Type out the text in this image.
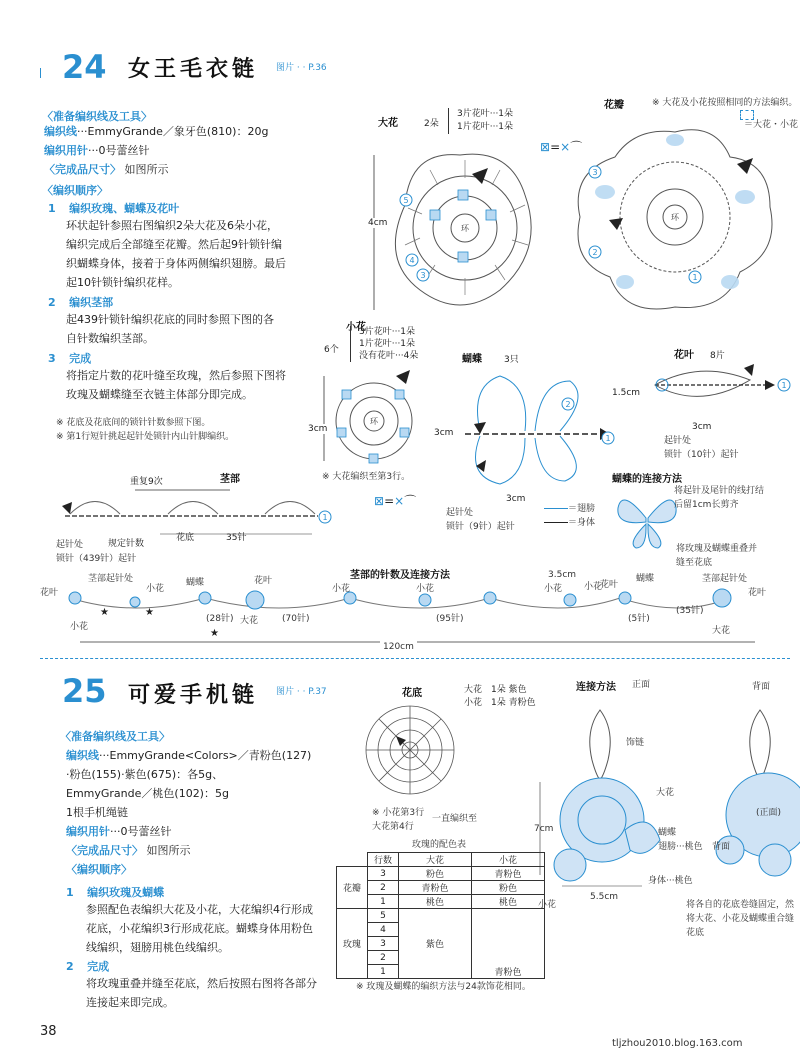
24 女王毛衣链 图片 · · P.36
〈准备编织线及工具〉
编织线···EmmyGrande／象牙色(810)：20g
编织用针···0号蕾丝针
〈完成品尺寸〉 如图所示
〈编织顺序〉
1 编织玫瑰、蝴蝶及花叶
环状起针参照右图编织2朵大花及6朵小花，
编织完成后全部缝至花瓣。然后起9针锁针编
织蝴蝶身体，接着于身体两侧编织翅膀。最后
起10针锁针编织花样。
2 编织茎部
起439针锁针编织花底的同时参照下图的各
自针数编织茎部。
3 完成
将指定片数的花叶缝至玫瑰，然后参照下图将
玫瑰及蝴蝶缝至衣链主体部分即完成。
※ 花底及花底间的锁针针数参照下图。
※ 第1行短针挑起起针处锁针内山针脚编织。
大花	2朵
3片花叶···1朵
1片花叶···1朵
5
4
3
环
4cm
⊠=×⌒
花瓣	※ 大花及小花按照相同的方法编织。
＝大花・小花
3
2
1
环
小花
6个
3片花叶···1朵
1片花叶···1朵
没有花叶···4朵
环
3cm
※ 大花编织至第3行。
⊠=×⌒
蝴蝶 3只
2
1
3cm
3cm
起针处
锁针（9针）起针
＝翅膀
＝身体
花叶 8片
1
1.5cm
3cm
起针处
锁针（10针）起针
蝴蝶的连接方法
将起针及尾针的线打结
后留1cm长剪齐
将玫瑰及蝴蝶重叠并
缝至花底
茎部
重复9次
1
规定针数
花底	35针
起针处
锁针（439针）起针
茎部的针数及连接方法
★	★
★
花叶
茎部起针处
小花
蝴蝶	花叶
小花
小花
3.5cm
小花	花叶
蝴蝶	茎部起针处
花叶
小花
大花
小花
大花
(28针)	(70针)	(95针)	(5针)
(35针)
120cm
25 可爱手机链 图片 · · P.37
〈准备编织线及工具〉
编织线···EmmyGrande<Colors>／青粉色(127)
·粉色(155)·紫色(675)：各5g、
EmmyGrande／桃色(102)：5g
1根手机绳链
编织用针···0号蕾丝针
〈完成品尺寸〉 如图所示
〈编织顺序〉
1 编织玫瑰及蝴蝶
参照配色表编织大花及小花，大花编织4行形成
花底，小花编织3行形成花底。蝴蝶身体用粉色
线编织，翅膀用桃色线编织。
2 完成
将玫瑰重叠并缝至花底，然后按照右图将各部分
连接起来即完成。
花底	大花　1朵 紫色
小花　1朵 青粉色
※ 小花第3行
大花第4行
一直编织至
玫瑰的配色表
	行数	大花	小花
花瓣	3	粉色	青粉色
	2	青粉色	粉色
	1	桃色	桃色
玫瑰	5	紫色	青粉色
	4		
	3		
	2		
	1		
※ 玫瑰及蝴蝶的编织方法与24款饰花相同。
连接方法 正面	背面
饰链
大花
蝴蝶
翅膀···桃色
身体···桃色
小花
7cm
5.5cm
(正面)
背面
将各自的花底卷缝固定，然
将大花、小花及蝴蝶重合缝
花底
38
tljzhou2010.blog.163.com
